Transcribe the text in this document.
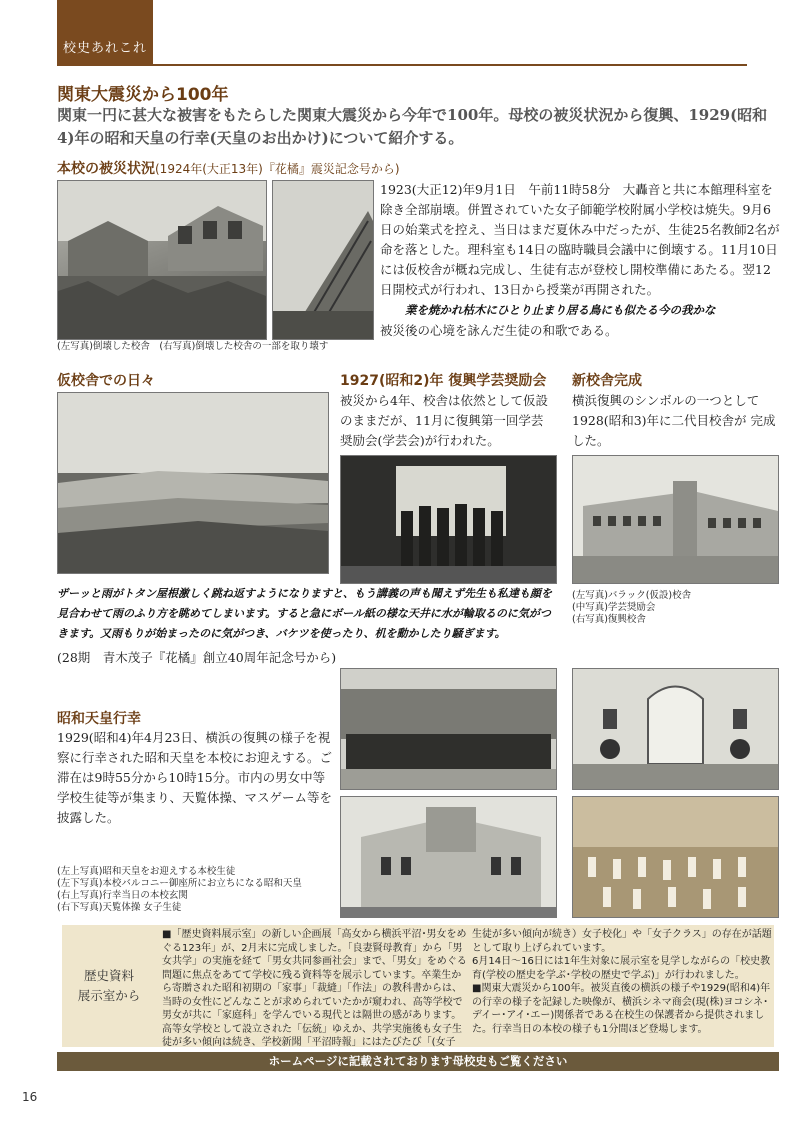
校史あれこれ
関東大震災から100年
関東一円に甚大な被害をもたらした関東大震災から今年で100年。母校の被災状況から復興、1929(昭和4)年の昭和天皇の行幸(天皇のお出かけ)について紹介する。
本校の被災状況(1924年(大正13年)『花橘』震災記念号から)
(左写真)倒壊した校舎　(右写真)倒壊した校舎の一部を取り壊す
1923(大正12)年9月1日　午前11時58分　大轟音と共に本館理科室を除き全部崩壊。併置されていた女子師範学校附属小学校は焼失。9月6日の始業式を控え、当日はまだ夏休み中だったが、生徒25名教師2名が命を落とした。理科室も14日の臨時職員会議中に倒壊する。11月10日には仮校舎が概ね完成し、生徒有志が登校し開校準備にあたる。翌12日開校式が行われ、13日から授業が再開された。
業を焼かれ枯木にひとり止まり居る鳥にも似たる今の我かな
被災後の心境を詠んだ生徒の和歌である。
仮校舎での日々	1927(昭和2)年 復興学芸奨励会
被災から4年、校舎は依然として仮設のままだが、11月に復興第一回学芸奨励会(学芸会)が行われた。
新校舎完成
横浜復興のシンボルの一つとして1928(昭和3)年に二代目校舎が 完成した。
(左写真)バラック(仮設)校舎
(中写真)学芸奨励会
(右写真)復興校舎
ザーッと雨がトタン屋根激しく跳ね返すようになりますと、もう講義の声も聞えず先生も私達も顔を見合わせて雨のふり方を眺めてしまいます。すると急にボール紙の様な天井に水が輪取るのに気がつきます。又雨もりが始まったのに気がつき、バケツを使ったり、机を動かしたり騒ぎます。
(28期　青木茂子『花橘』創立40周年記念号から)
昭和天皇行幸
1929(昭和4)年4月23日、横浜の復興の様子を視察に行幸された昭和天皇を本校にお迎えする。ご滞在は9時55分から10時15分。市内の男女中等学校生徒等が集まり、天覧体操、マスゲーム等を披露した。
(左上写真)昭和天皇をお迎えする本校生徒
(左下写真)本校バルコニー御座所にお立ちになる昭和天皇
(右上写真)行幸当日の本校玄関
(右下写真)天覧体操 女子生徒
歴史資料
展示室から
■「歴史資料展示室」の新しい企画展「高女から横浜平沼･男女をめぐる123年」が、2月末に完成しました。「良妻賢母教育」から「男女共学」の実施を経て「男女共同参画社会」まで、「男女」をめぐる問題に焦点をあてて学校に残る資料等を展示しています。卒業生から寄贈された昭和初期の「家事」「裁縫」「作法」の教科書からは、当時の女性にどんなことが求められていたかが窺われ、高等学校で男女が共に「家庭科」を学んでいる現代とは隔世の感があります。高等女学校として設立された「伝統」ゆえか、共学実施後も女子生徒が多い傾向は続き、学校新聞「平沼時報」にはたびたび「(女子
生徒が多い傾向が続き）女子校化」や「女子クラス」の存在が話題として取り上げられています。
6月14日～16日には1年生対象に展示室を見学しながらの「校史教育(学校の歴史を学ぶ･学校の歴史で学ぶ)」が行われました。
■関東大震災から100年。被災直後の横浜の様子や1929(昭和4)年の行幸の様子を記録した映像が、横浜シネマ商会(現(株)ヨコシネ･デイー･アイ･エー)関係者である在校生の保護者から提供されました。行幸当日の本校の様子も1分間ほど登場します。
ホームページに記載されております母校史もご覧ください
16
